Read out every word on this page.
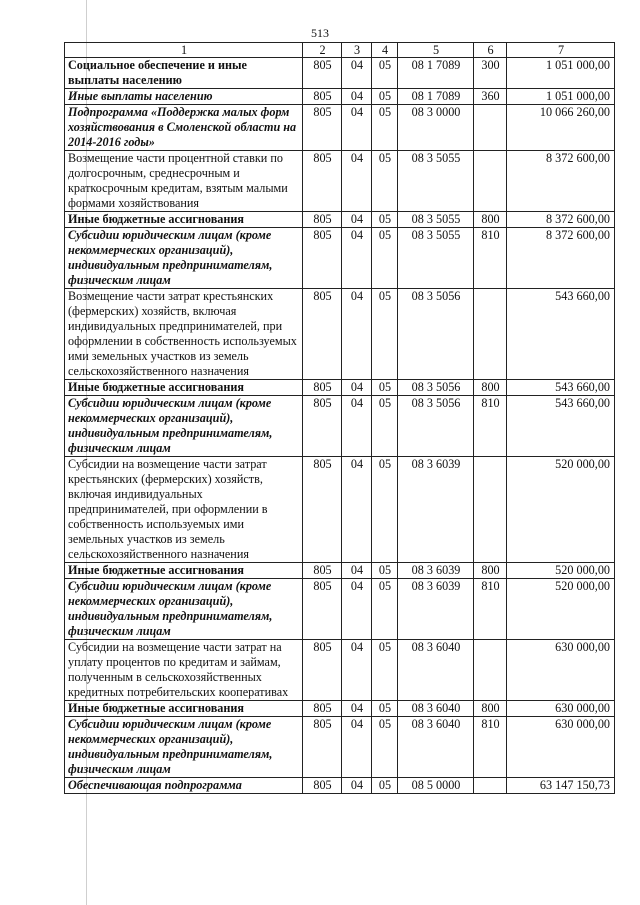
513
1	2	3	4	5	6	7
Социальное обеспечение и иные выплаты населению	805	04	05	08 1 7089	300	1 051 000,00
Иные выплаты населению	805	04	05	08 1 7089	360	1 051 000,00
Подпрограмма «Поддержка малых форм хозяйствования в Смоленской области на 2014-2016 годы»	805	04	05	08 3 0000		10 066 260,00
Возмещение части процентной ставки по долгосрочным, среднесрочным и краткосрочным кредитам, взятым малыми формами хозяйствования	805	04	05	08 3 5055		8 372 600,00
Иные бюджетные ассигнования	805	04	05	08 3 5055	800	8 372 600,00
Субсидии юридическим лицам (кроме некоммерческих организаций), индивидуальным предпринимателям, физическим лицам	805	04	05	08 3 5055	810	8 372 600,00
Возмещение части затрат крестьянских (фермерских) хозяйств, включая индивидуальных предпринимателей, при оформлении в собственность используемых ими земельных участков из земель сельскохозяйственного назначения	805	04	05	08 3 5056		543 660,00
Иные бюджетные ассигнования	805	04	05	08 3 5056	800	543 660,00
Субсидии юридическим лицам (кроме некоммерческих организаций), индивидуальным предпринимателям, физическим лицам	805	04	05	08 3 5056	810	543 660,00
Субсидии на возмещение части затрат крестьянских (фермерских) хозяйств, включая индивидуальных предпринимателей, при оформлении в собственность используемых ими земельных участков из земель сельскохозяйственного назначения	805	04	05	08 3 6039		520 000,00
Иные бюджетные ассигнования	805	04	05	08 3 6039	800	520 000,00
Субсидии юридическим лицам (кроме некоммерческих организаций), индивидуальным предпринимателям, физическим лицам	805	04	05	08 3 6039	810	520 000,00
Субсидии на возмещение части затрат на уплату процентов по кредитам и займам, полученным в сельскохозяйственных кредитных потребительских кооперативах	805	04	05	08 3 6040		630 000,00
Иные бюджетные ассигнования	805	04	05	08 3 6040	800	630 000,00
Субсидии юридическим лицам (кроме некоммерческих организаций), индивидуальным предпринимателям, физическим лицам	805	04	05	08 3 6040	810	630 000,00
Обеспечивающая подпрограмма	805	04	05	08 5 0000		63 147 150,73
